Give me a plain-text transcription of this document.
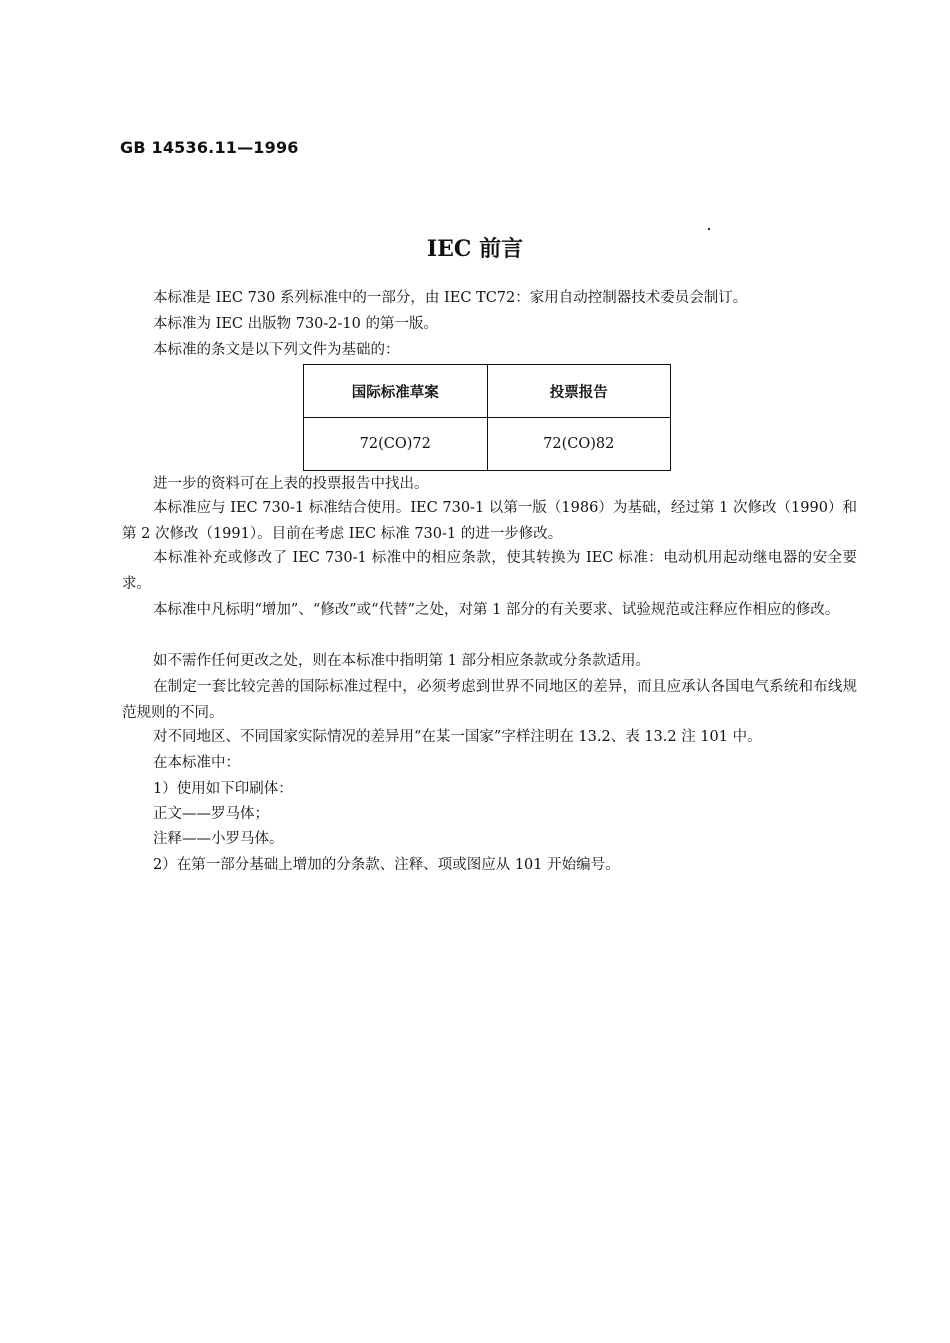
GB 14536.11—1996
IEC 前言
本标准是 IEC 730 系列标准中的一部分，由 IEC TC72：家用自动控制器技术委员会制订。
本标准为 IEC 出版物 730-2-10 的第一版。
本标准的条文是以下列文件为基础的：
国际标准草案	投票报告
72(CO)72	72(CO)82
进一步的资料可在上表的投票报告中找出。
本标准应与 IEC 730-1 标准结合使用。IEC 730-1 以第一版（1986）为基础，经过第 1 次修改（1990）和第 2 次修改（1991）。目前在考虑 IEC 标准 730-1 的进一步修改。
本标准补充或修改了 IEC 730-1 标准中的相应条款，使其转换为 IEC 标准：电动机用起动继电器的安全要求。
本标准中凡标明“增加”、“修改”或“代替”之处，对第 1 部分的有关要求、试验规范或注释应作相应的修改。
如不需作任何更改之处，则在本标准中指明第 1 部分相应条款或分条款适用。
在制定一套比较完善的国际标准过程中，必须考虑到世界不同地区的差异，而且应承认各国电气系统和布线规范规则的不同。
对不同地区、不同国家实际情况的差异用“在某一国家”字样注明在 13.2、表 13.2 注 101 中。
在本标准中：
1）使用如下印刷体：
正文——罗马体；
注释——小罗马体。
2）在第一部分基础上增加的分条款、注释、项或图应从 101 开始编号。
